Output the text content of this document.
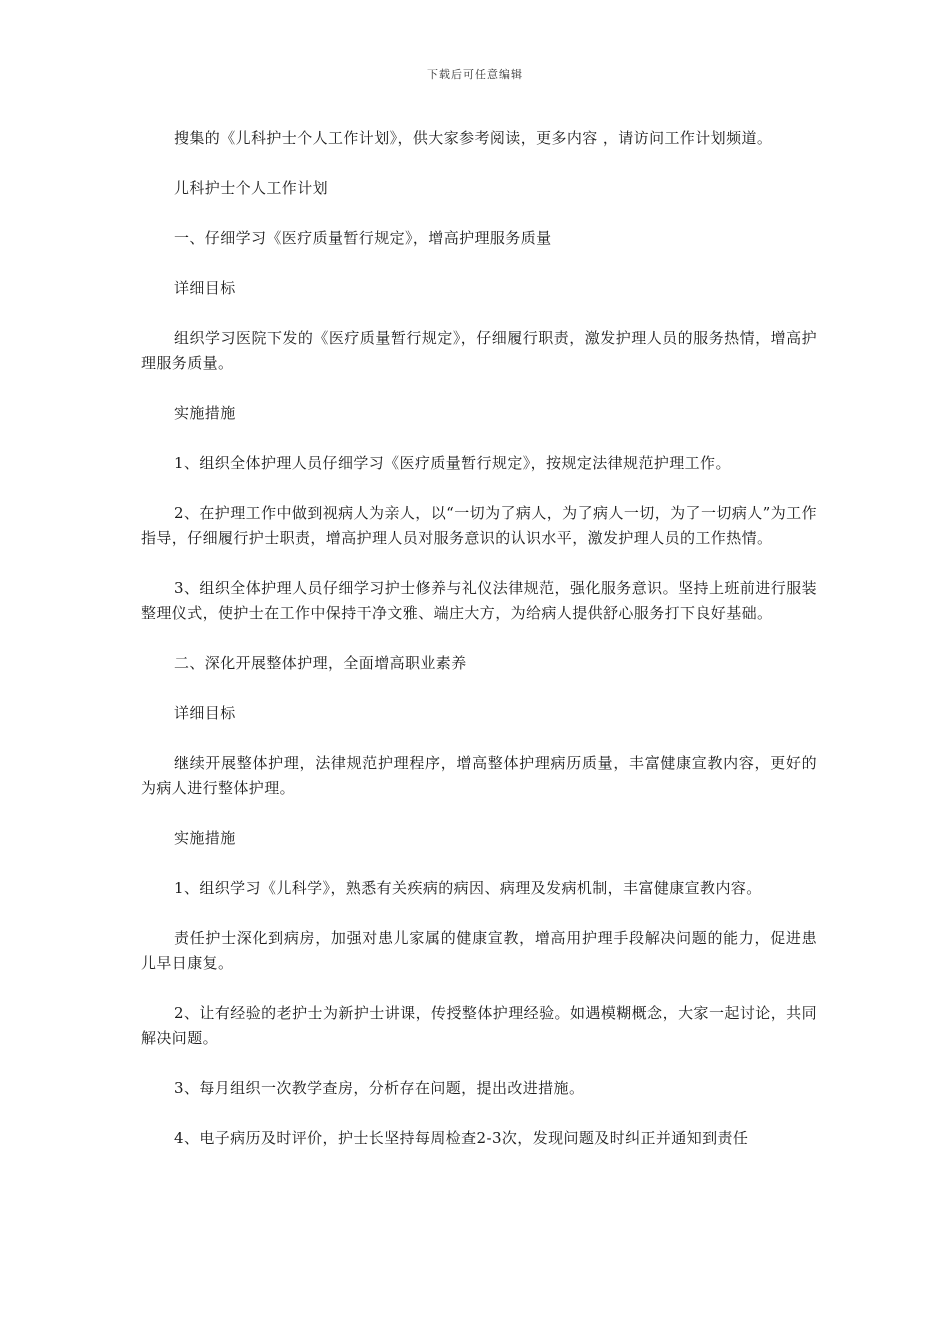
下载后可任意编辑

搜集的《儿科护士个人工作计划》，供大家参考阅读，更多内容 ，请访问工作计划频道。

儿科护士个人工作计划

一、仔细学习《医疗质量暂行规定》，增高护理服务质量

详细目标

组织学习医院下发的《医疗质量暂行规定》，仔细履行职责，激发护理人员的服务热情，增高护理服务质量。

实施措施

1、组织全体护理人员仔细学习《医疗质量暂行规定》，按规定法律规范护理工作。

2、在护理工作中做到视病人为亲人，以“一切为了病人，为了病人一切，为了一切病人”为工作指导，仔细履行护士职责，增高护理人员对服务意识的认识水平，激发护理人员的工作热情。

3、组织全体护理人员仔细学习护士修养与礼仪法律规范，强化服务意识。坚持上班前进行服装整理仪式，使护士在工作中保持干净文雅、端庄大方，为给病人提供舒心服务打下良好基础。

二、深化开展整体护理，全面增高职业素养

详细目标

继续开展整体护理，法律规范护理程序，增高整体护理病历质量，丰富健康宣教内容，更好的为病人进行整体护理。

实施措施

1、组织学习《儿科学》，熟悉有关疾病的病因、病理及发病机制，丰富健康宣教内容。

责任护士深化到病房，加强对患儿家属的健康宣教，增高用护理手段解决问题的能力，促进患儿早日康复。

2、让有经验的老护士为新护士讲课，传授整体护理经验。如遇模糊概念，大家一起讨论，共同解决问题。

3、每月组织一次教学查房，分析存在问题，提出改进措施。

4、电子病历及时评价，护士长坚持每周检查2-3次，发现问题及时纠正并通知到责任
